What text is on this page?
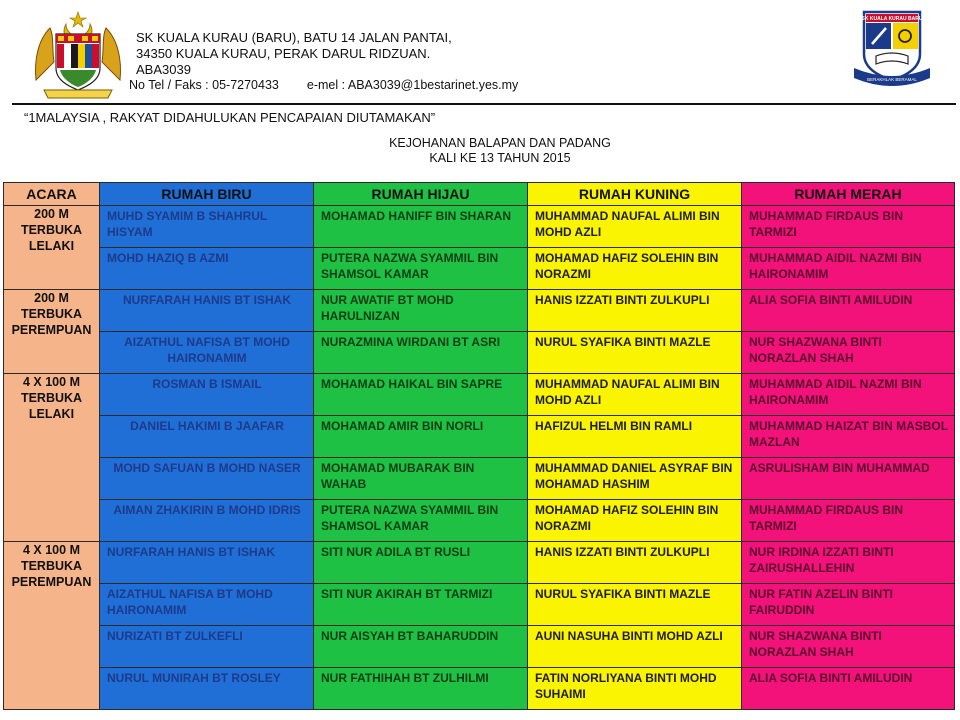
SK KUALA KURAU BARU
BERILMU
BERAKHLAK BERAMAL
SK KUALA KURAU (BARU), BATU 14 JALAN PANTAI,
34350 KUALA KURAU, PERAK DARUL RIDZUAN.
ABA3039
No Tel / Faks : 05-7270433 e-mel : ABA3039@1bestarinet.yes.my
“1MALAYSIA , RAKYAT DIDAHULUKAN PENCAPAIAN DIUTAMAKAN”
KEJOHANAN BALAPAN DAN PADANG
KALI KE 13 TAHUN 2015
ACARA	RUMAH BIRU	RUMAH HIJAU	RUMAH KUNING	RUMAH MERAH

200 M
TERBUKA
LELAKI	MUHD SYAMIM B SHAHRUL HISYAM	MOHAMAD HANIFF BIN SHARAN	MUHAMMAD NAUFAL ALIMI BIN MOHD AZLI	MUHAMMAD FIRDAUS BIN TARMIZI

	MOHD HAZIQ B AZMI	PUTERA NAZWA SYAMMIL BIN SHAMSOL KAMAR	MOHAMAD HAFIZ SOLEHIN BIN NORAZMI	MUHAMMAD AIDIL NAZMI BIN HAIRONAMIM

200 M
TERBUKA
PEREMPUAN	NURFARAH HANIS BT ISHAK	NUR AWATIF BT MOHD HARULNIZAN	HANIS IZZATI BINTI ZULKUPLI	ALIA SOFIA BINTI AMILUDIN

	AIZATHUL NAFISA BT MOHD HAIRONAMIM	NURAZMINA WIRDANI BT ASRI	NURUL SYAFIKA BINTI MAZLE	NUR SHAZWANA BINTI NORAZLAN SHAH

4 X 100 M
TERBUKA
LELAKI	ROSMAN B ISMAIL	MOHAMAD HAIKAL BIN SAPRE	MUHAMMAD NAUFAL ALIMI BIN MOHD AZLI	MUHAMMAD AIDIL NAZMI BIN HAIRONAMIM

	DANIEL HAKIMI B JAAFAR	MOHAMAD AMIR BIN NORLI	HAFIZUL HELMI BIN RAMLI	MUHAMMAD HAIZAT BIN MASBOL MAZLAN

	MOHD SAFUAN B MOHD NASER	MOHAMAD MUBARAK BIN WAHAB	MUHAMMAD DANIEL ASYRAF BIN MOHAMAD HASHIM	ASRULISHAM BIN MUHAMMAD

	AIMAN ZHAKIRIN B MOHD IDRIS	PUTERA NAZWA SYAMMIL BIN SHAMSOL KAMAR	MOHAMAD HAFIZ SOLEHIN BIN NORAZMI	MUHAMMAD FIRDAUS BIN TARMIZI

4 X 100 M
TERBUKA
PEREMPUAN	NURFARAH HANIS BT ISHAK	SITI NUR ADILA BT RUSLI	HANIS IZZATI BINTI ZULKUPLI	NUR IRDINA IZZATI BINTI ZAIRUSHALLEHIN

	AIZATHUL NAFISA BT MOHD HAIRONAMIM	SITI NUR AKIRAH BT TARMIZI	NURUL SYAFIKA BINTI MAZLE	NUR FATIN AZELIN BINTI FAIRUDDIN

	NURIZATI BT ZULKEFLI	NUR AISYAH BT BAHARUDDIN	AUNI NASUHA BINTI MOHD AZLI	NUR SHAZWANA BINTI NORAZLAN SHAH

	NURUL MUNIRAH BT ROSLEY	NUR FATHIHAH BT ZULHILMI	FATIN NORLIYANA BINTI MOHD SUHAIMI	ALIA SOFIA BINTI AMILUDIN
